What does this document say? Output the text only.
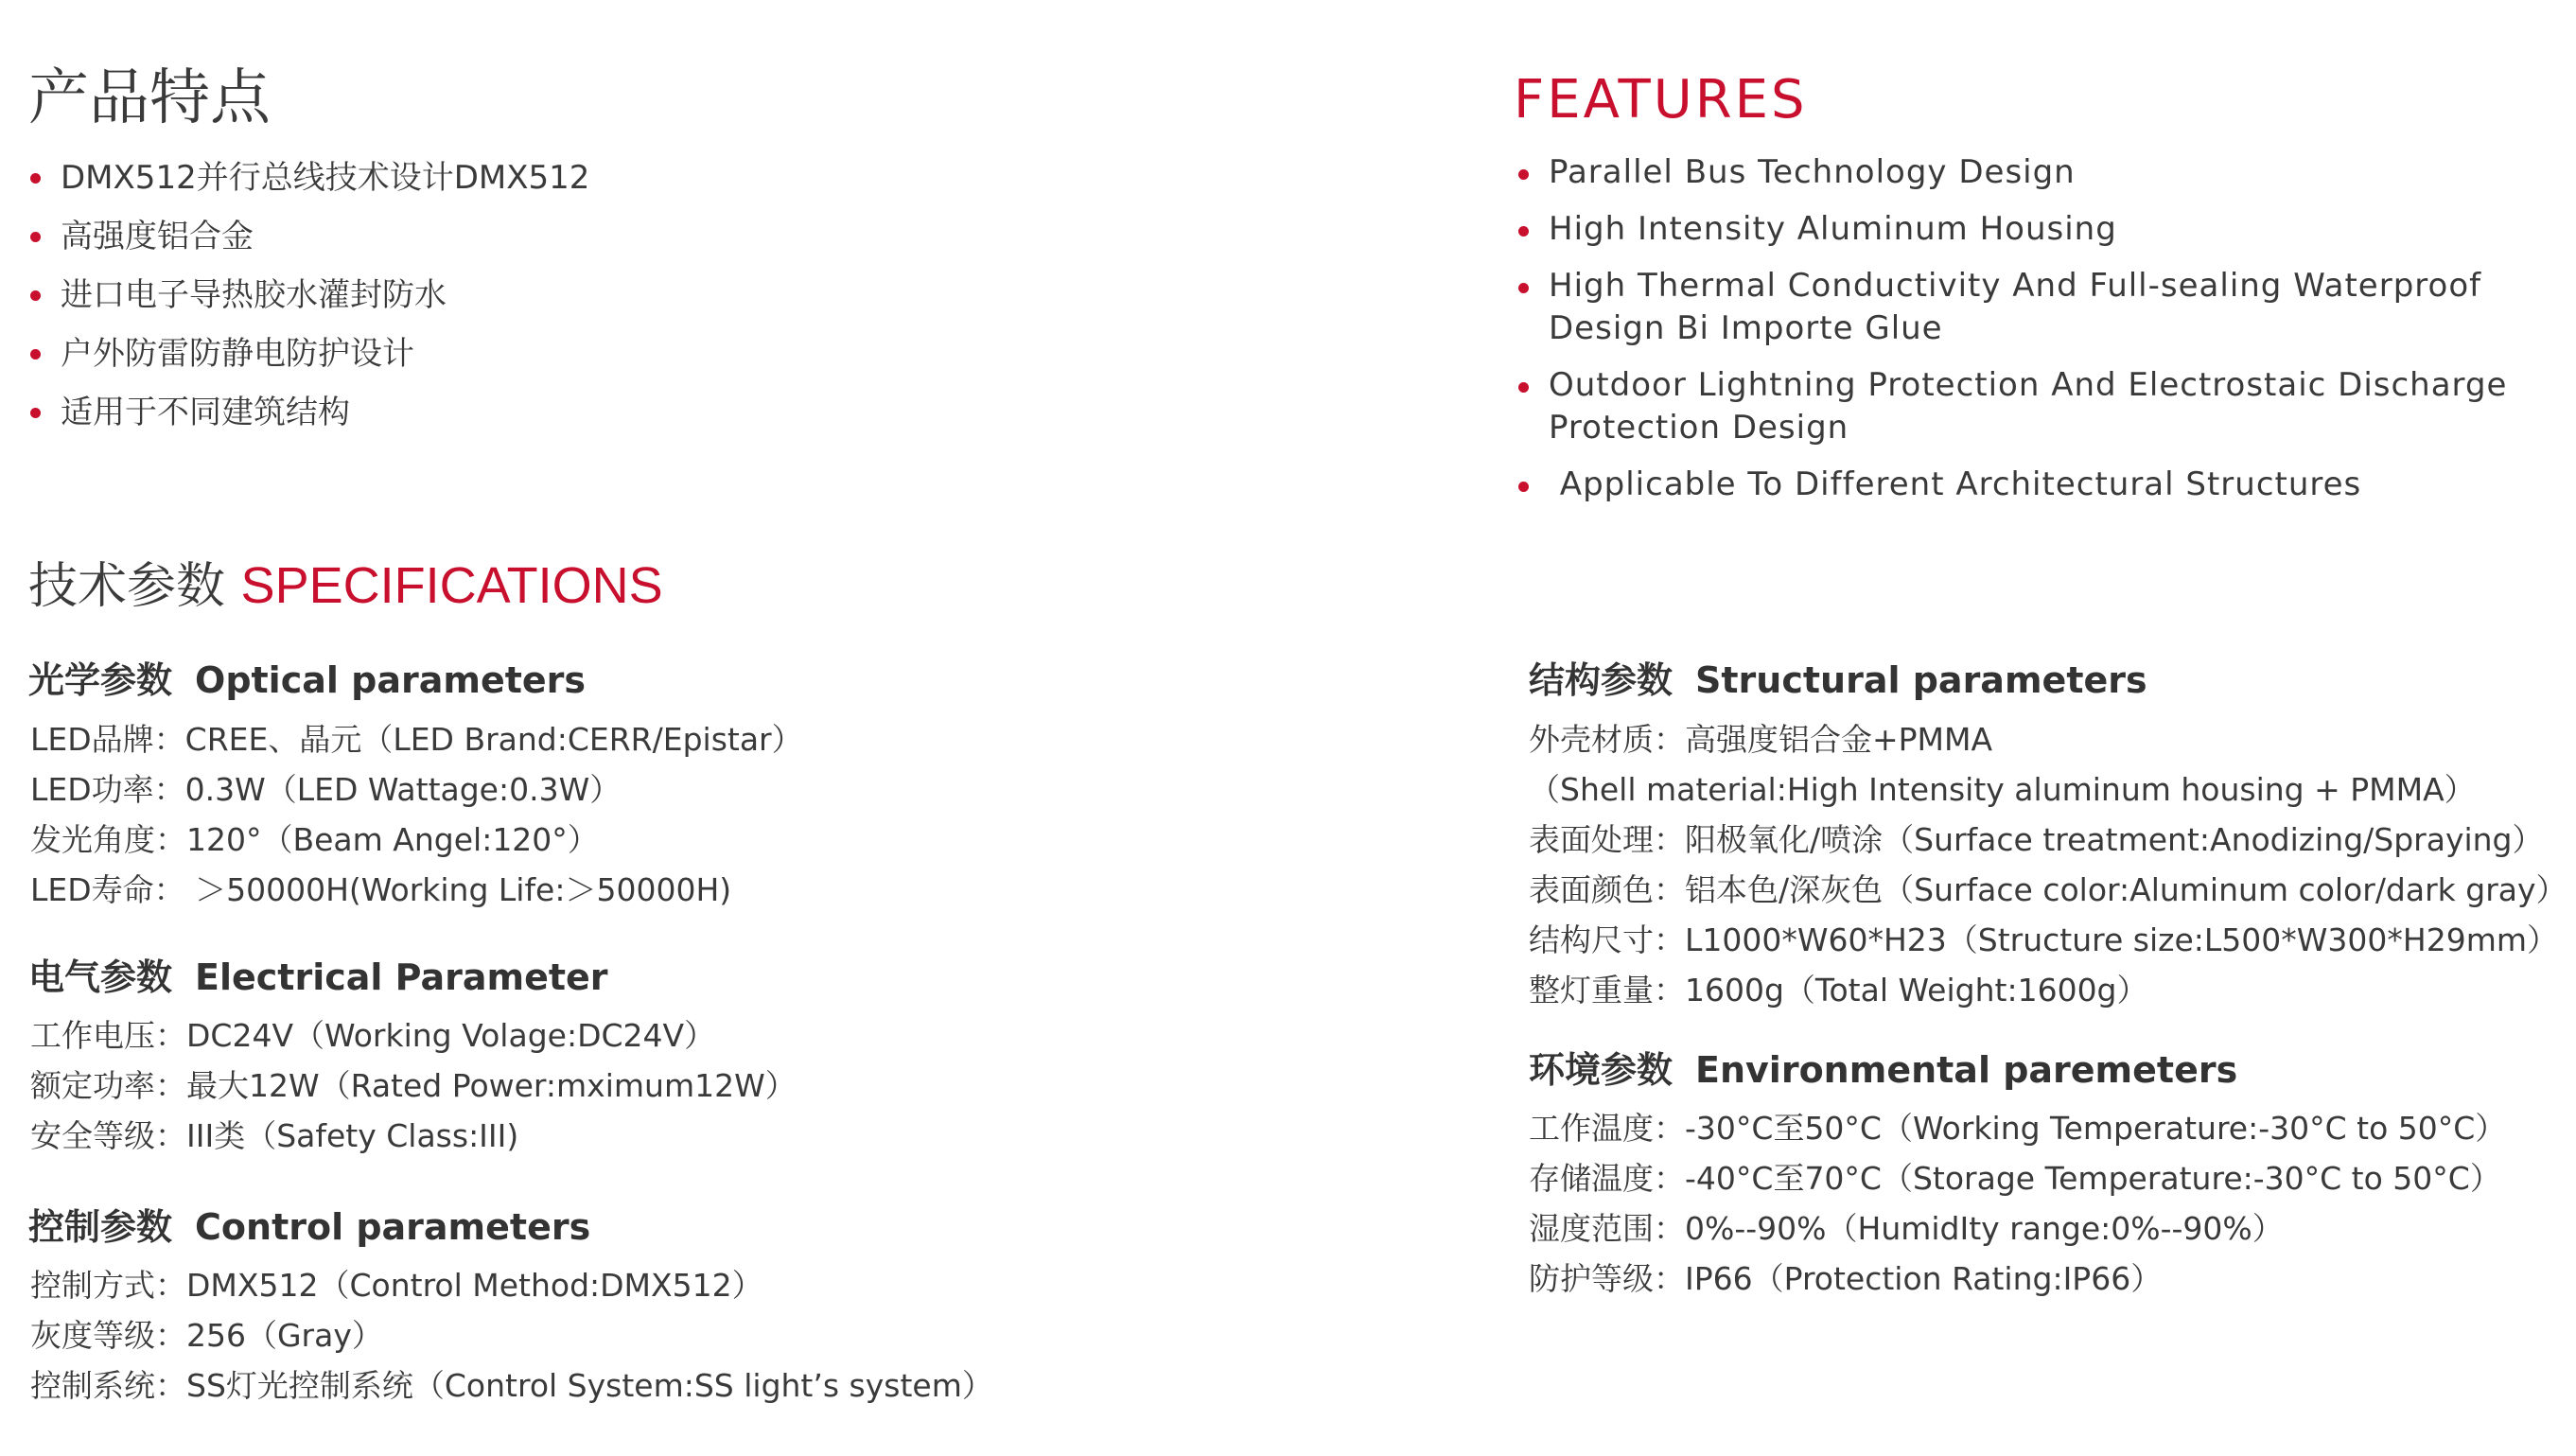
产品特点
DMX512并行总线技术设计DMX512
高强度铝合金
进口电子导热胶水灌封防水
户外防雷防静电防护设计
适用于不同建筑结构
FEATURES
Parallel Bus Technology Design
High Intensity Aluminum Housing
High Thermal Conductivity And Full-sealing Waterproof Design Bi Importe Glue
Outdoor Lightning Protection And Electrostaic Discharge Protection Design
Applicable To Different Architectural Structures
技术参数 SPECIFICATIONS
光学参数 Optical parameters
LED品牌：CREE、晶元（LED Brand:CERR/Epistar）
LED功率：0.3W（LED Wattage:0.3W）
发光角度：120°（Beam Angel:120°）
LED寿命： ＞50000H(Working Life:＞50000H)
电气参数 Electrical Parameter
工作电压：DC24V（Working Volage:DC24V）
额定功率：最大12W（Rated Power:mximum12W）
安全等级：III类（Safety Class:III)
控制参数 Control parameters
控制方式：DMX512（Control Method:DMX512）
灰度等级：256（Gray）
控制系统：SS灯光控制系统（Control System:SS light’s system）
结构参数 Structural parameters
外壳材质：高强度铝合金+PMMA
（Shell material:High Intensity aluminum housing + PMMA）
表面处理：阳极氧化/喷涂（Surface treatment:Anodizing/Spraying）
表面颜色：铝本色/深灰色（Surface color:Aluminum color/dark gray）
结构尺寸：L1000*W60*H23（Structure size:L500*W300*H29mm）
整灯重量：1600g（Total Weight:1600g）
环境参数 Environmental paremeters
工作温度：-30°C至50°C（Working Temperature:-30°C to 50°C）
存储温度：-40°C至70°C（Storage Temperature:-30°C to 50°C）
湿度范围：0%--90%（HumidIty range:0%--90%）
防护等级：IP66（Protection Rating:IP66）
